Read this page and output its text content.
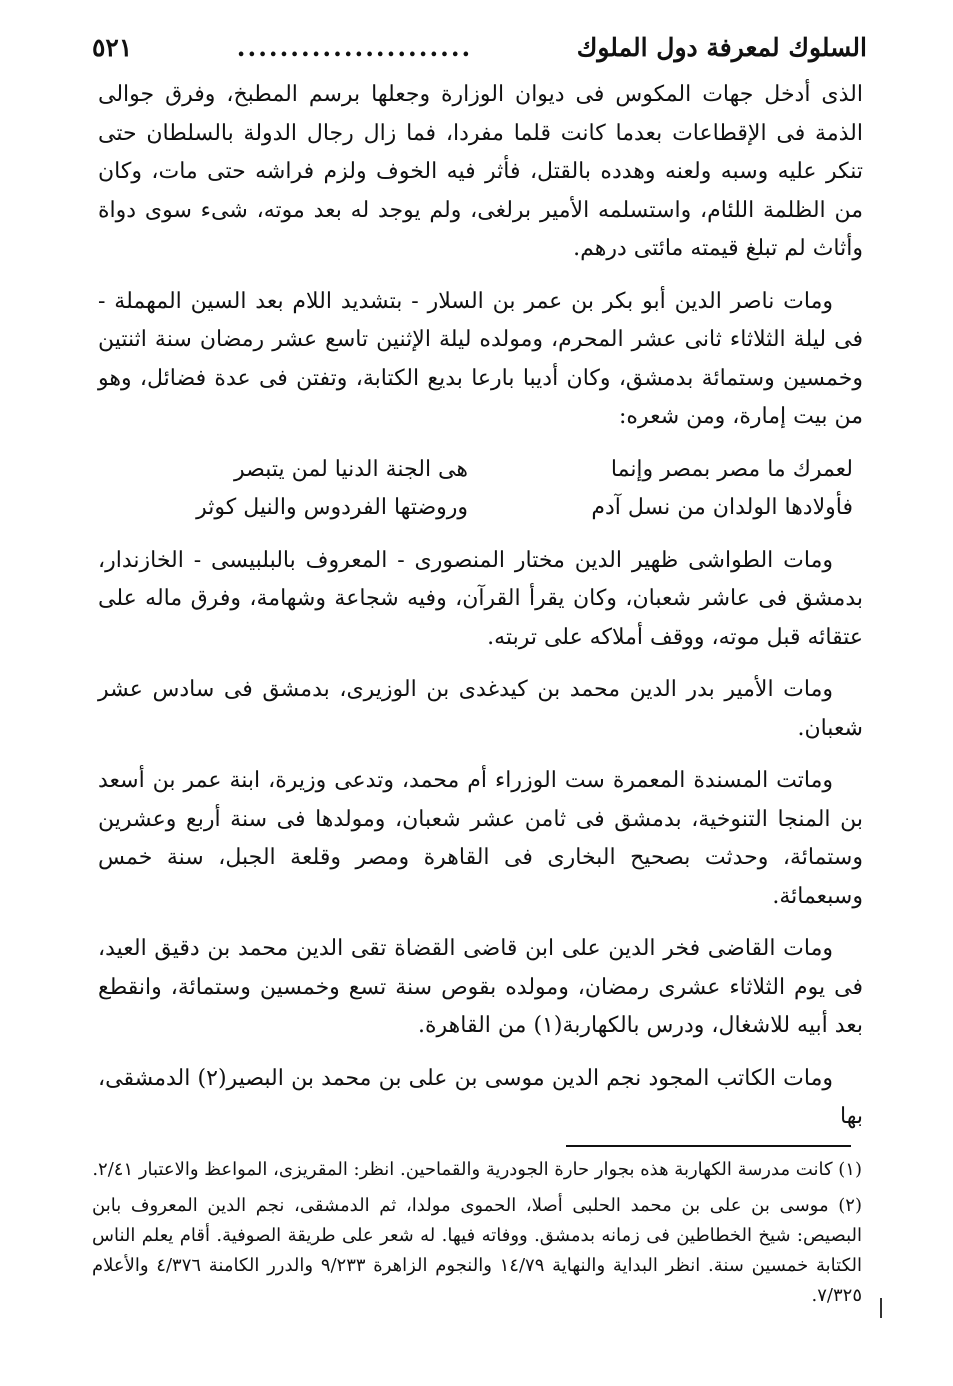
السلوك لمعرفة دول الملوك
......................
٥٢١

الذى أدخل جهات المكوس فى ديوان الوزارة وجعلها برسم المطبخ، وفرق جوالى الذمة فى الإقطاعات بعدما كانت قلما مفردا، فما زال رجال الدولة بالسلطان حتى تنكر عليه وسبه ولعنه وهدده بالقتل، فأثر فيه الخوف ولزم فراشه حتى مات، وكان من الظلمة اللئام، واستسلمه الأمير برلغى، ولم يوجد له بعد موته، شىء سوى دواة وأثاث لم تبلغ قيمته مائتى درهم.

ومات ناصر الدين أبو بكر بن عمر بن السلار - بتشديد اللام بعد السين المهملة - فى ليلة الثلاثاء ثانى عشر المحرم، ومولده ليلة الإثنين تاسع عشر رمضان سنة اثنتين وخمسين وستمائة بدمشق، وكان أديبا بارعا بديع الكتابة، وتفتن فى عدة فضائل، وهو من بيت إمارة، ومن شعره:

لعمرك ما مصر بمصر وإنما
هى الجنة الدنيا لمن يتبصر
فأولادها الولدان من نسل آدم
وروضتها الفردوس والنيل كوثر

ومات الطواشى ظهير الدين مختار المنصورى - المعروف بالبلبيسى - الخازندار، بدمشق فى عاشر شعبان، وكان يقرأ القرآن، وفيه شجاعة وشهامة، وفرق ماله على عتقائه قبل موته، ووقف أملاكه على تربته.

ومات الأمير بدر الدين محمد بن كيدغدى بن الوزيرى، بدمشق فى سادس عشر شعبان.

وماتت المسندة المعمرة ست الوزراء أم محمد، وتدعى وزيرة، ابنة عمر بن أسعد بن المنجا التنوخية، بدمشق فى ثامن عشر شعبان، ومولدها فى سنة أربع وعشرين وستمائة، وحدثت بصحيح البخارى فى القاهرة ومصر وقلعة الجبل، سنة خمس وسبعمائة.

ومات القاضى فخر الدين على ابن قاضى القضاة تقى الدين محمد بن دقيق العيد، فى يوم الثلاثاء عشرى رمضان، ومولده بقوص سنة تسع وخمسين وستمائة، وانقطع بعد أبيه للاشغال، ودرس بالكهاربة(١) من القاهرة.

ومات الكاتب المجود نجم الدين موسى بن على بن محمد بن البصير(٢) الدمشقى، بها

(١) كانت مدرسة الكهاربة هذه بجوار حارة الجودرية والقماحين. انظر: المقريزى، المواعظ والاعتبار ٢/٤١.

(٢) موسى بن على بن محمد الحلبى أصلا، الحموى مولدا، ثم الدمشقى، نجم الدين المعروف بابن البصيص: شيخ الخطاطين فى زمانه بدمشق. ووفاته فيها. له شعر على طريقة الصوفية. أقام يعلم الناس الكتابة خمسين سنة. انظر البداية والنهاية ١٤/٧٩ والنجوم الزاهرة ٩/٢٣٣ والدرر الكامنة ٤/٣٧٦ والأعلام ٧/٣٢٥.
